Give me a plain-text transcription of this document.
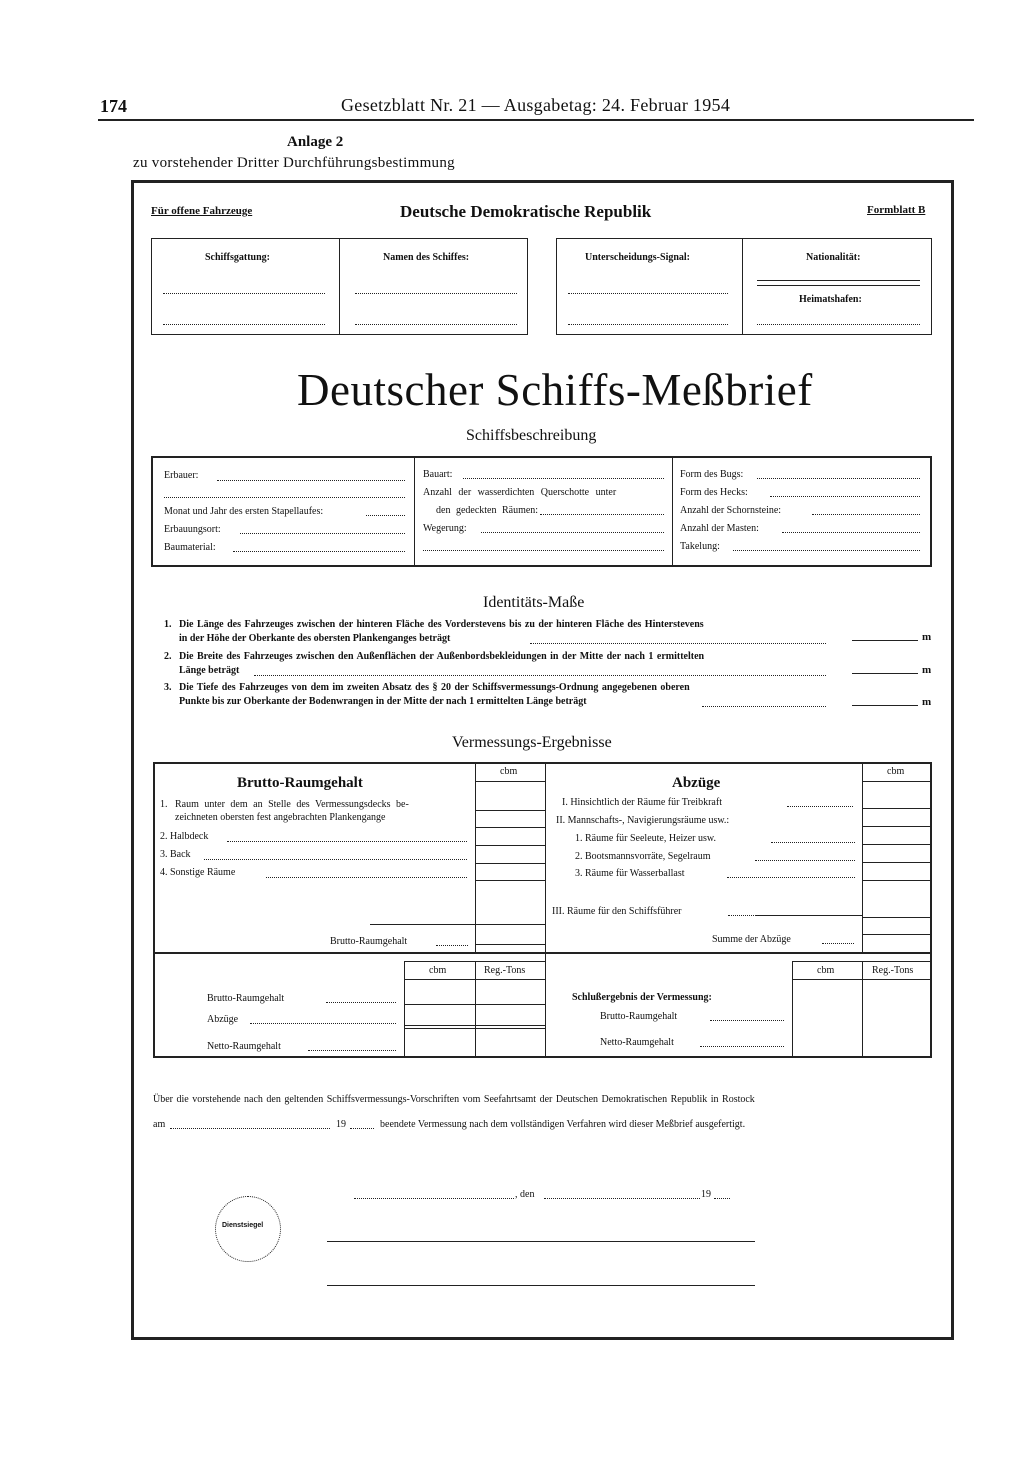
174	Gesetzblatt Nr. 21 — Ausgabetag: 24. Februar 1954
Anlage 2
zu vorstehender Dritter Durchführungsbestimmung
Für offene Fahrzeuge	Deutsche Demokratische Republik	Formblatt B
Schiffsgattung:	Namen des Schiffes:	Unterscheidungs-Signal:	Nationalität:
Heimatshafen:
Deutscher Schiffs-Meßbrief
Schiffsbeschreibung
Erbauer:
Monat und Jahr des ersten Stapellaufes:
Erbauungsort:
Baumaterial:
Bauart:
Anzahl der wasserdichten Querschotte unter
den gedeckten Räumen:
Wegerung:
Form des Bugs:
Form des Hecks:
Anzahl der Schornsteine:
Anzahl der Masten:
Takelung:
Identitäts-Maße
1. Die Länge des Fahrzeuges zwischen der hinteren Fläche des Vorderstevens bis zu der hinteren Fläche des Hinterstevens
in der Höhe der Oberkante des obersten Plankenganges beträgt	m
2. Die Breite des Fahrzeuges zwischen den Außenflächen der Außenbordsbekleidungen in der Mitte der nach 1 ermittelten
Länge beträgt	m
3. Die Tiefe des Fahrzeuges von dem im zweiten Absatz des § 20 der Schiffsvermessungs-Ordnung angegebenen oberen
Punkte bis zur Oberkante der Bodenwrangen in der Mitte der nach 1 ermittelten Länge beträgt	m
Vermessungs-Ergebnisse
cbm	cbm
Brutto-Raumgehalt
1. Raum unter dem an Stelle des Vermessungsdecks be-
zeichneten obersten fest angebrachten Plankengange
2. Halbdeck
3. Back
4. Sonstige Räume
Brutto-Raumgehalt
Abzüge
I. Hinsichtlich der Räume für Treibkraft
II. Mannschafts-, Navigierungsräume usw.:
1. Räume für Seeleute, Heizer usw.
2. Bootsmannsvorräte, Segelraum
3. Räume für Wasserballast
III. Räume für den Schiffsführer
Summe der Abzüge
cbm	Reg.-Tons
Brutto-Raumgehalt
Abzüge
Netto-Raumgehalt
cbm	Reg.-Tons
Schlußergebnis der Vermessung:
Brutto-Raumgehalt
Netto-Raumgehalt
Über die vorstehende nach den geltenden Schiffsvermessungs-Vorschriften vom Seefahrtsamt der Deutschen Demokratischen Republik in Rostock
am	19	beendete Vermessung nach dem vollständigen Verfahren wird dieser Meßbrief ausgefertigt.
, den	19
Dienstsiegel
